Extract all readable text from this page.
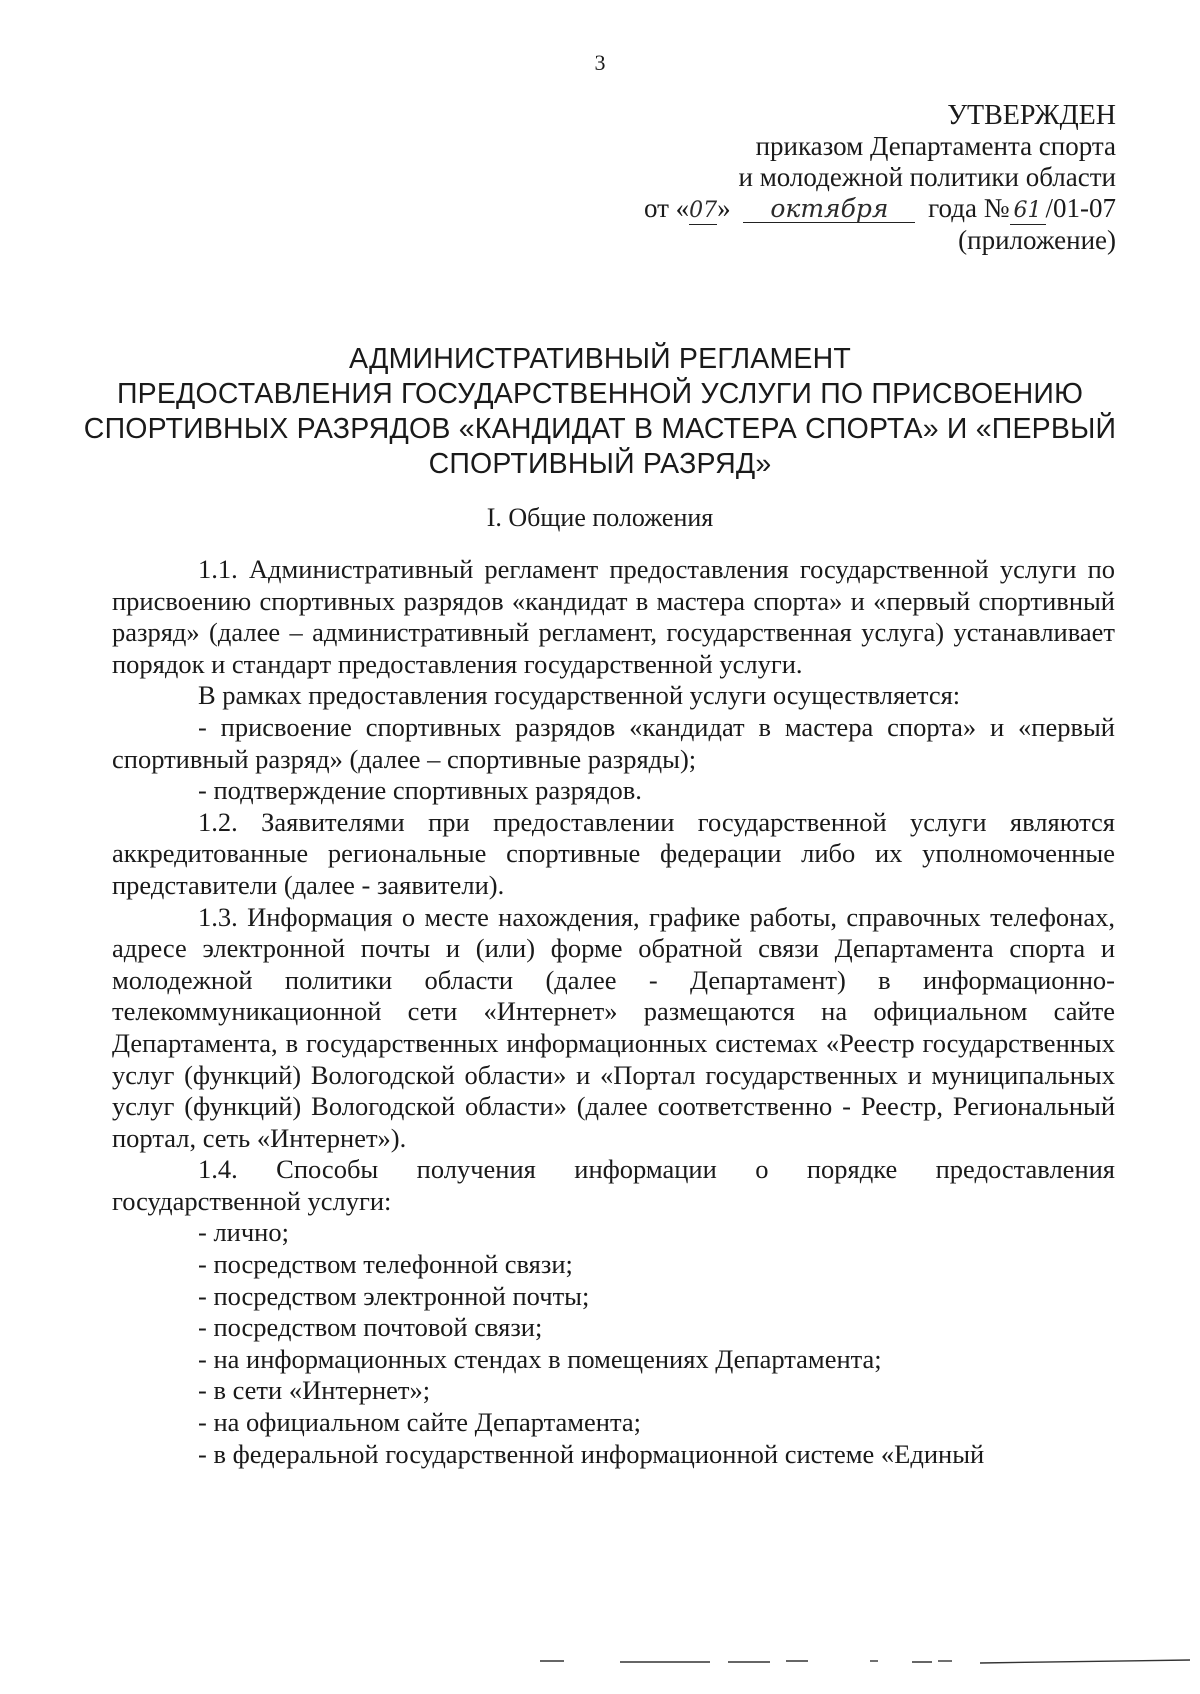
3
УТВЕРЖДЕН
приказом Департамента спорта
и молодежной политики области
от «07» октября года № 61 /01-07
(приложение)
АДМИНИСТРАТИВНЫЙ РЕГЛАМЕНТ
ПРЕДОСТАВЛЕНИЯ ГОСУДАРСТВЕННОЙ УСЛУГИ ПО ПРИСВОЕНИЮ
СПОРТИВНЫХ РАЗРЯДОВ «КАНДИДАТ В МАСТЕРА СПОРТА» И «ПЕРВЫЙ
СПОРТИВНЫЙ РАЗРЯД»
I. Общие положения

1.1. Административный регламент предоставления государственной услуги по присвоению спортивных разрядов «кандидат в мастера спорта» и «первый спортивный разряд» (далее – административный регламент, государственная услуга) устанавливает порядок и стандарт предоставления государственной услуги.

В рамках предоставления государственной услуги осуществляется:

- присвоение спортивных разрядов «кандидат в мастера спорта» и «первый спортивный разряд» (далее – спортивные разряды);

- подтверждение спортивных разрядов.

1.2. Заявителями при предоставлении государственной услуги являются аккредитованные региональные спортивные федерации либо их уполномоченные представители (далее - заявители).

1.3. Информация о месте нахождения, графике работы, справочных телефонах, адресе электронной почты и (или) форме обратной связи Департамента спорта и молодежной политики области (далее - Департамент) в информационно-телекоммуникационной сети «Интернет» размещаются на официальном сайте Департамента, в государственных информационных системах «Реестр государственных услуг (функций) Вологодской области» и «Портал государственных и муниципальных услуг (функций) Вологодской области» (далее соответственно - Реестр, Региональный портал, сеть «Интернет»).

1.4. Способы получения информации о порядке предоставления государственной услуги:

- лично;

- посредством телефонной связи;

- посредством электронной почты;

- посредством почтовой связи;

- на информационных стендах в помещениях Департамента;

- в сети «Интернет»;

- на официальном сайте Департамента;

- в федеральной государственной информационной системе «Единый
